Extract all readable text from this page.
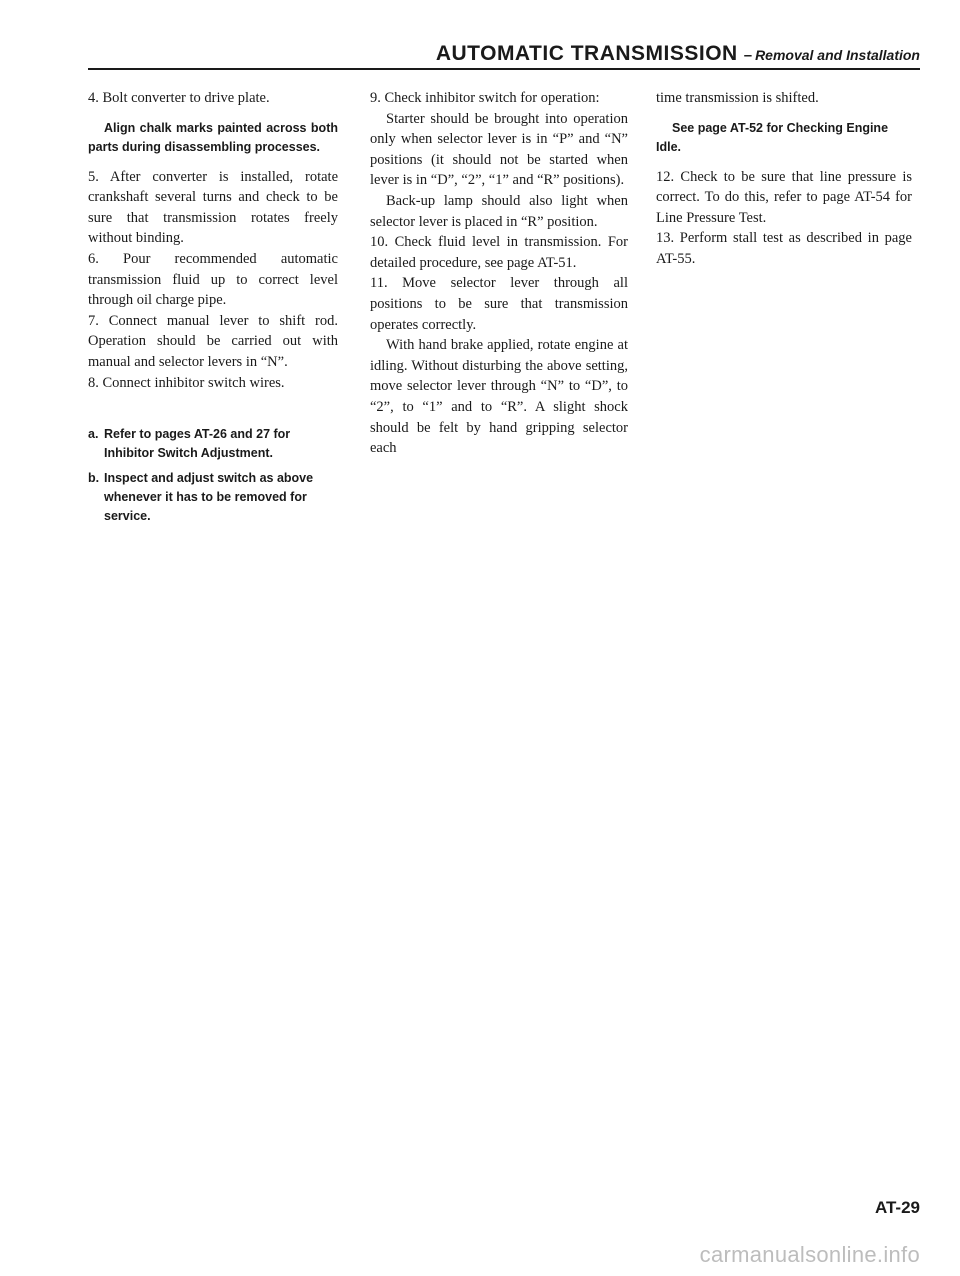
AUTOMATIC TRANSMISSION – Removal and Installation

4. Bolt converter to drive plate.

Align chalk marks painted across both parts during disassembling processes.

5. After converter is installed, rotate crankshaft several turns and check to be sure that transmission rotates freely without binding.

6. Pour recommended automatic transmission fluid up to correct level through oil charge pipe.

7. Connect manual lever to shift rod. Operation should be carried out with manual and selector levers in “N”.

8. Connect inhibitor switch wires.

a. Refer to pages AT-26 and 27 for Inhibitor Switch Adjustment.
b. Inspect and adjust switch as above whenever it has to be removed for service.

9. Check inhibitor switch for operation:

Starter should be brought into operation only when selector lever is in “P” and “N” positions (it should not be started when lever is in “D”, “2”, “1” and “R” positions).

Back-up lamp should also light when selector lever is placed in “R” position.

10. Check fluid level in transmission. For detailed procedure, see page AT-51.

11. Move selector lever through all positions to be sure that transmission operates correctly.

With hand brake applied, rotate engine at idling. Without disturbing the above setting, move selector lever through “N” to “D”, to “2”, to “1” and to “R”. A slight shock should be felt by hand gripping selector each

time transmission is shifted.

See page AT-52 for Checking Engine Idle.

12. Check to be sure that line pressure is correct. To do this, refer to page AT-54 for Line Pressure Test.

13. Perform stall test as described in page AT-55.

AT-29
carmanualsonline.info
